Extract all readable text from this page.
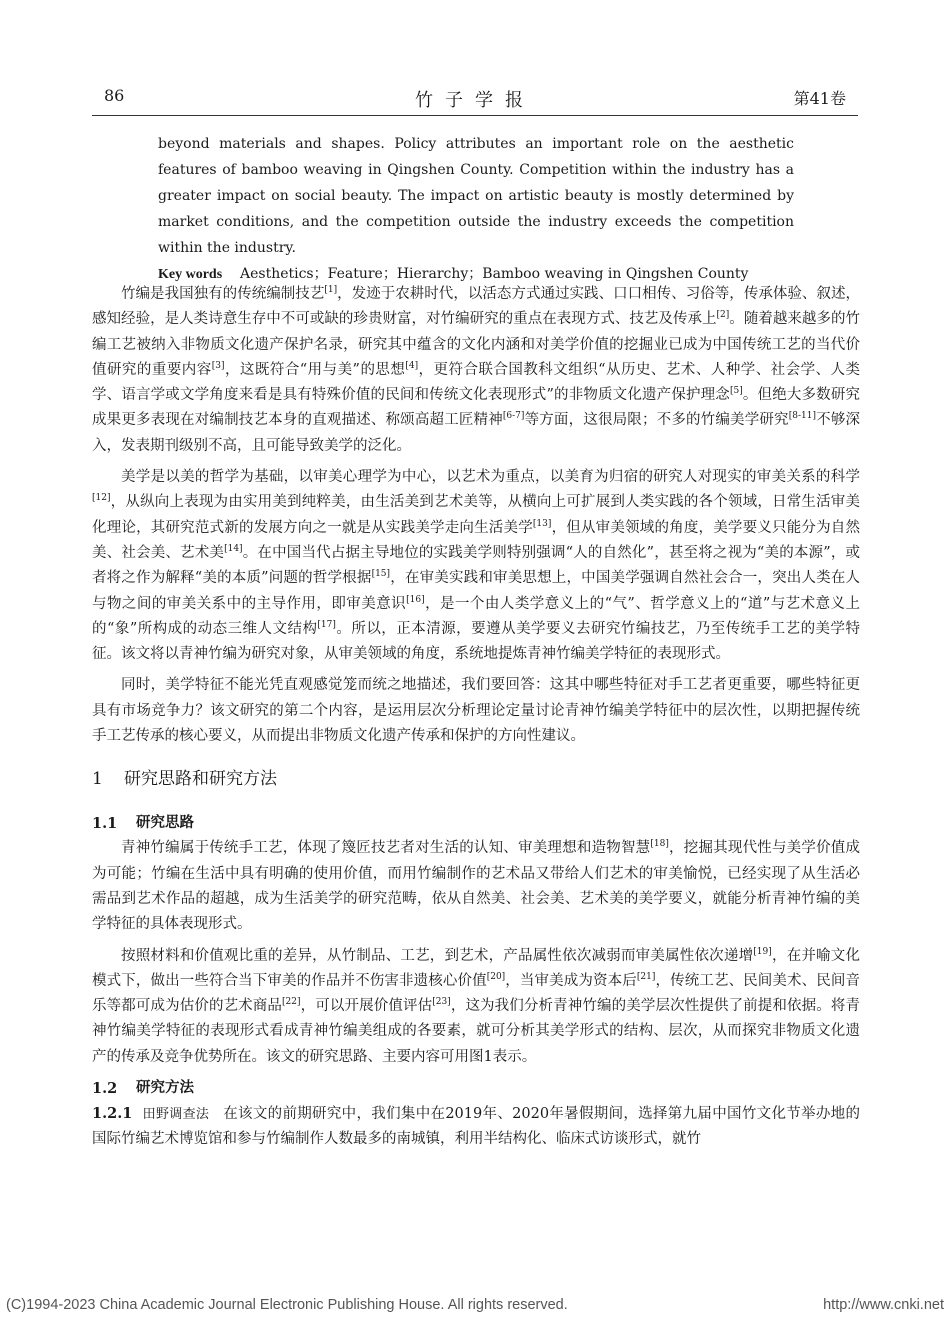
86	竹子学报	第41卷

beyond materials and shapes. Policy attributes an important role on the aesthetic features of bamboo weaving in Qingshen County. Competition within the industry has a greater impact on social beauty. The impact on artistic beauty is mostly determined by market conditions, and the competition outside the industry exceeds the competition within the industry.

Key words Aesthetics；Feature；Hierarchy；Bamboo weaving in Qingshen County

竹编是我国独有的传统编制技艺[1]，发迹于农耕时代，以活态方式通过实践、口口相传、习俗等，传承体验、叙述，感知经验，是人类诗意生存中不可或缺的珍贵财富，对竹编研究的重点在表现方式、技艺及传承上[2]。随着越来越多的竹编工艺被纳入非物质文化遗产保护名录，研究其中蕴含的文化内涵和对美学价值的挖掘业已成为中国传统工艺的当代价值研究的重要内容[3]，这既符合“用与美”的思想[4]，更符合联合国教科文组织“从历史、艺术、人种学、社会学、人类学、语言学或文学角度来看是具有特殊价值的民间和传统文化表现形式”的非物质文化遗产保护理念[5]。但绝大多数研究成果更多表现在对编制技艺本身的直观描述、称颂高超工匠精神[6-7]等方面，这很局限；不多的竹编美学研究[8-11]不够深入，发表期刊级别不高，且可能导致美学的泛化。

美学是以美的哲学为基础，以审美心理学为中心，以艺术为重点，以美育为归宿的研究人对现实的审美关系的科学[12]，从纵向上表现为由实用美到纯粹美，由生活美到艺术美等，从横向上可扩展到人类实践的各个领域，日常生活审美化理论，其研究范式新的发展方向之一就是从实践美学走向生活美学[13]，但从审美领域的角度，美学要义只能分为自然美、社会美、艺术美[14]。在中国当代占据主导地位的实践美学则特别强调“人的自然化”，甚至将之视为“美的本源”，或者将之作为解释“美的本质”问题的哲学根据[15]，在审美实践和审美思想上，中国美学强调自然社会合一，突出人类在人与物之间的审美关系中的主导作用，即审美意识[16]，是一个由人类学意义上的“气”、哲学意义上的“道”与艺术意义上的“象”所构成的动态三维人文结构[17]。所以，正本清源，要遵从美学要义去研究竹编技艺，乃至传统手工艺的美学特征。该文将以青神竹编为研究对象，从审美领域的角度，系统地提炼青神竹编美学特征的表现形式。

同时，美学特征不能光凭直观感觉笼而统之地描述，我们要回答：这其中哪些特征对手工艺者更重要，哪些特征更具有市场竞争力？该文研究的第二个内容，是运用层次分析理论定量讨论青神竹编美学特征中的层次性，以期把握传统手工艺传承的核心要义，从而提出非物质文化遗产传承和保护的方向性建议。

1	研究思路和研究方法
1.1	研究思路

青神竹编属于传统手工艺，体现了篾匠技艺者对生活的认知、审美理想和造物智慧[18]，挖掘其现代性与美学价值成为可能；竹编在生活中具有明确的使用价值，而用竹编制作的艺术品又带给人们艺术的审美愉悦，已经实现了从生活必需品到艺术作品的超越，成为生活美学的研究范畴，依从自然美、社会美、艺术美的美学要义，就能分析青神竹编的美学特征的具体表现形式。

按照材料和价值观比重的差异，从竹制品、工艺，到艺术，产品属性依次减弱而审美属性依次递增[19]，在并喻文化模式下，做出一些符合当下审美的作品并不伤害非遗核心价值[20]，当审美成为资本后[21]，传统工艺、民间美术、民间音乐等都可成为估价的艺术商品[22]，可以开展价值评估[23]，这为我们分析青神竹编的美学层次性提供了前提和依据。将青神竹编美学特征的表现形式看成青神竹编美组成的各要素，就可分析其美学形式的结构、层次，从而探究非物质文化遗产的传承及竞争优势所在。该文的研究思路、主要内容可用图1表示。

1.2	研究方法

1.2.1 田野调查法 在该文的前期研究中，我们集中在2019年、2020年暑假期间，选择第九届中国竹文化节举办地的国际竹编艺术博览馆和参与竹编制作人数最多的南城镇，利用半结构化、临床式访谈形式，就竹

(C)1994-2023 China Academic Journal Electronic Publishing House. All rights reserved.	http://www.cnki.net
